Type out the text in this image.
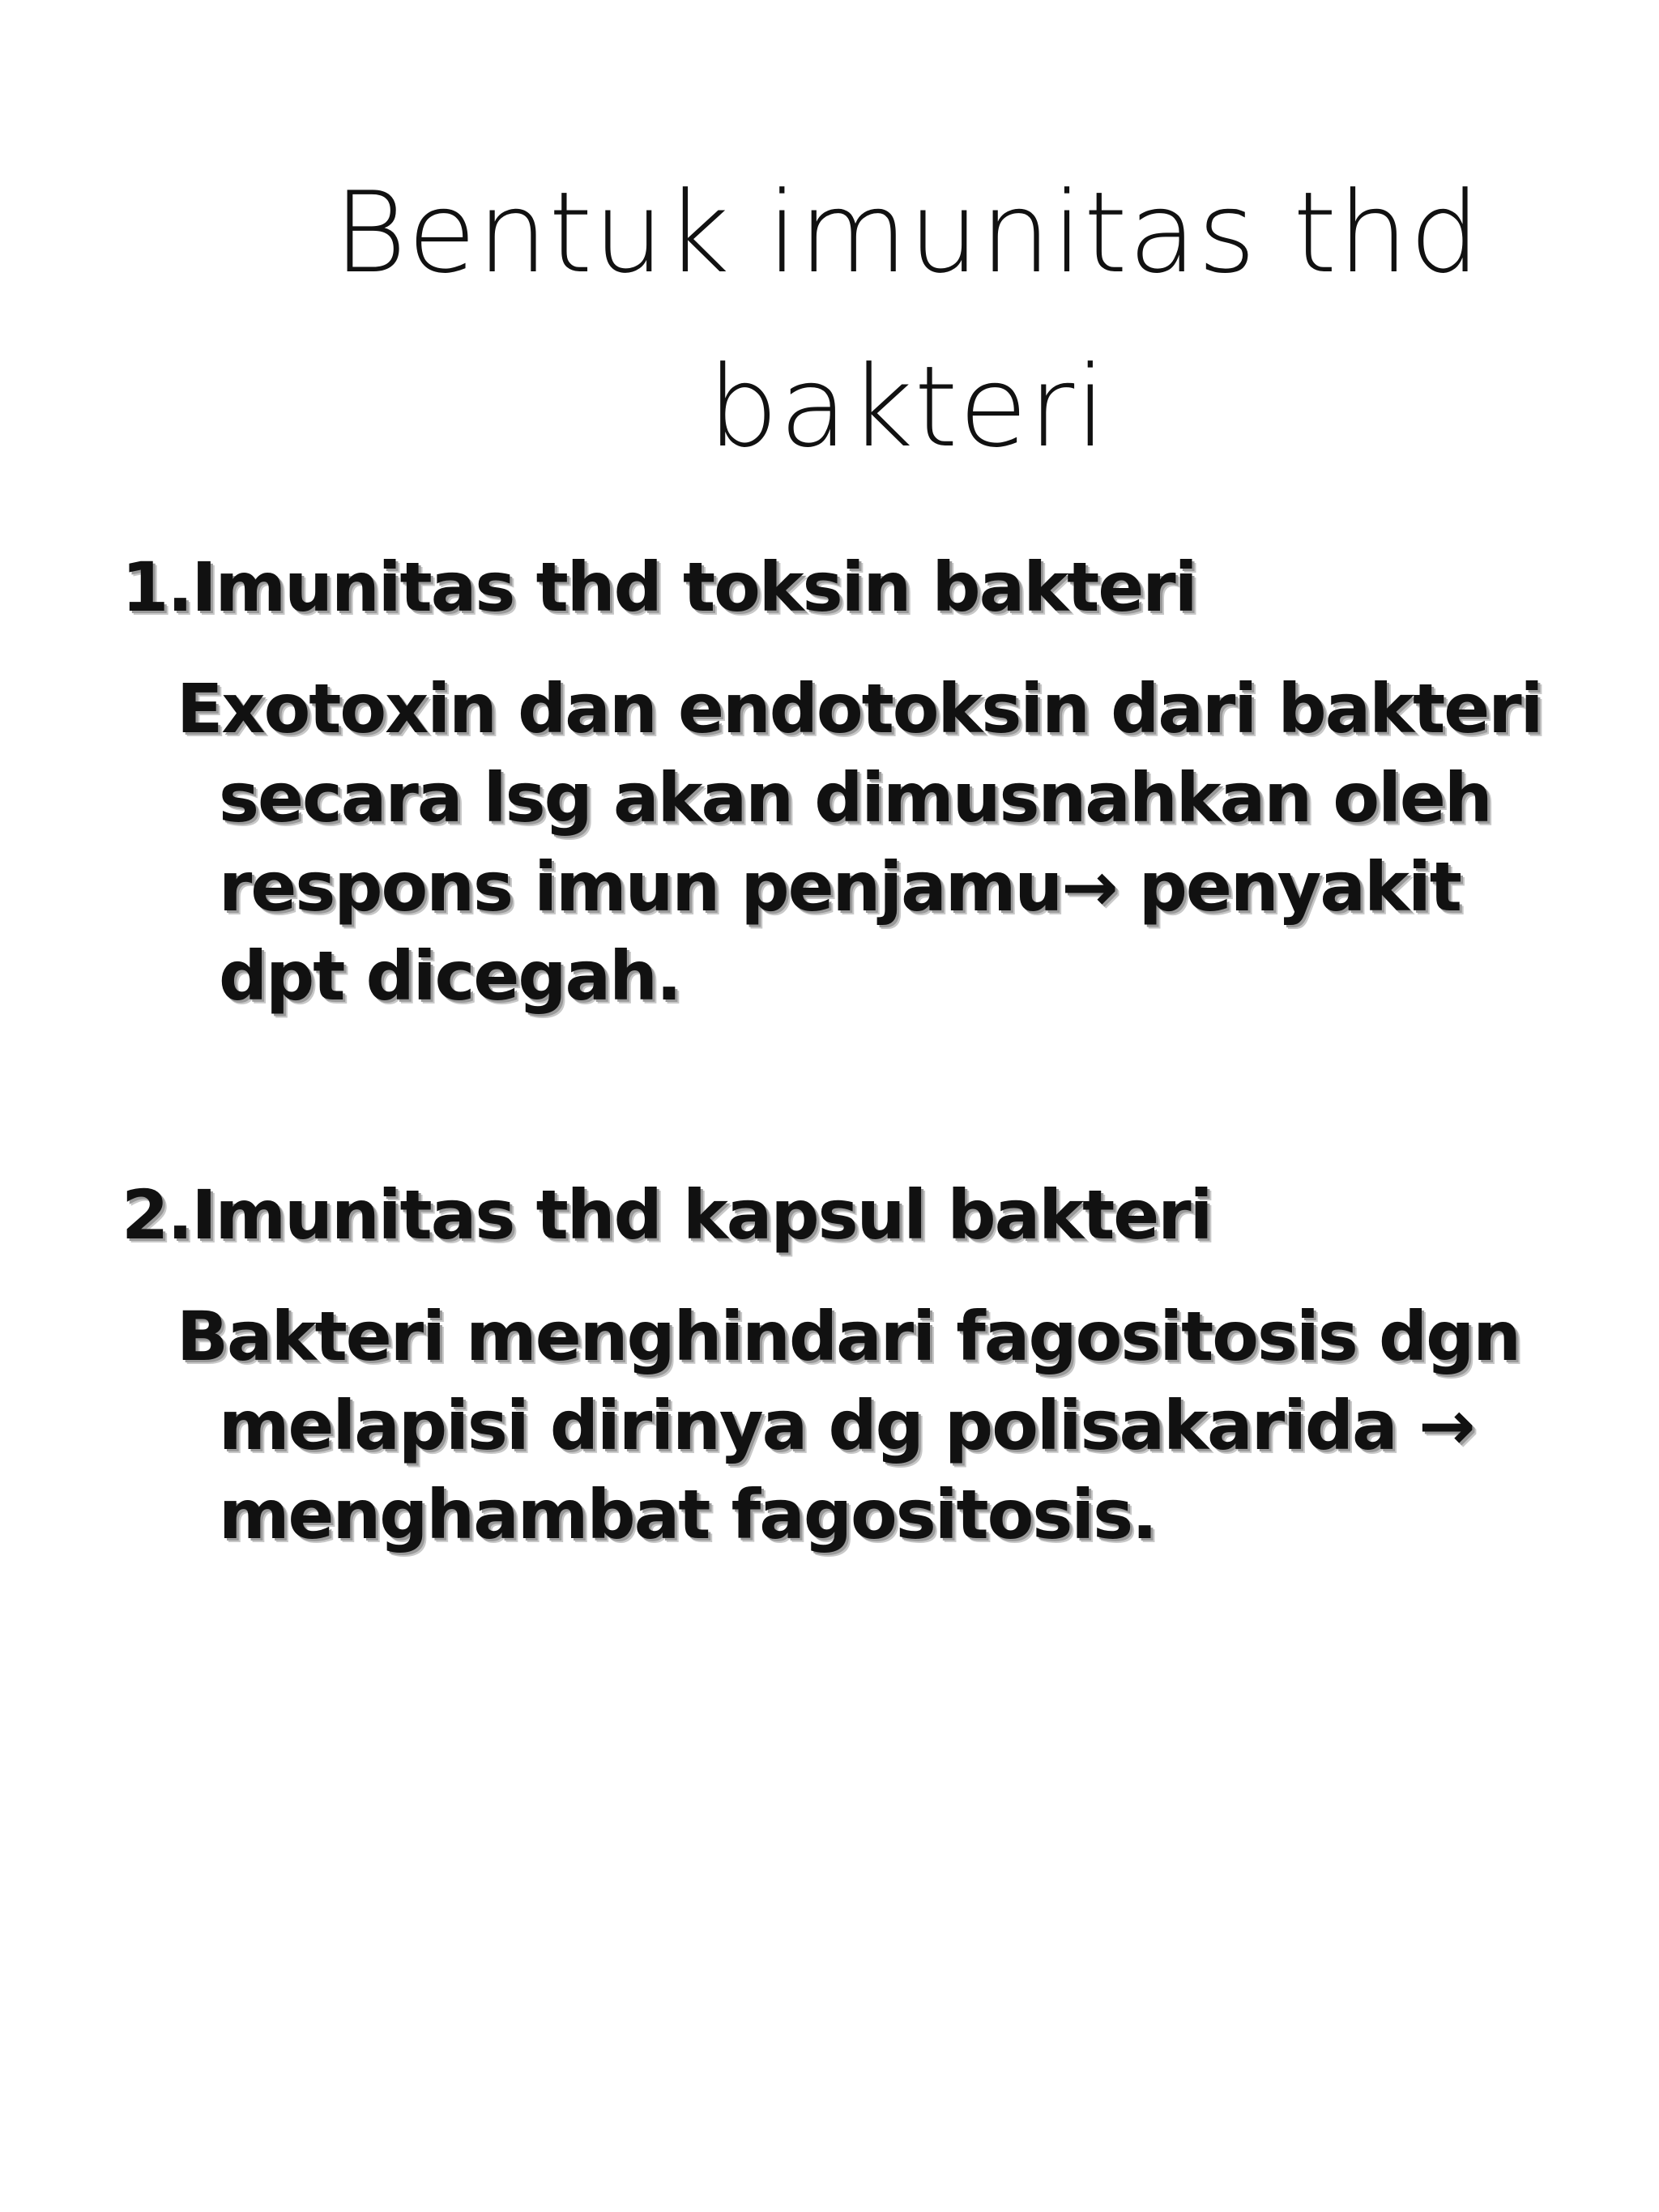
Bentuk imunitas thd
bakteri
1.Imunitas thd toksin bakteri
Exotoxin dan endotoksin dari bakteri
secara lsg akan dimusnahkan oleh
respons imun penjamu→ penyakit
dpt dicegah.
2.Imunitas thd kapsul bakteri
Bakteri menghindari fagositosis dgn
melapisi dirinya dg polisakarida →
menghambat fagositosis.
